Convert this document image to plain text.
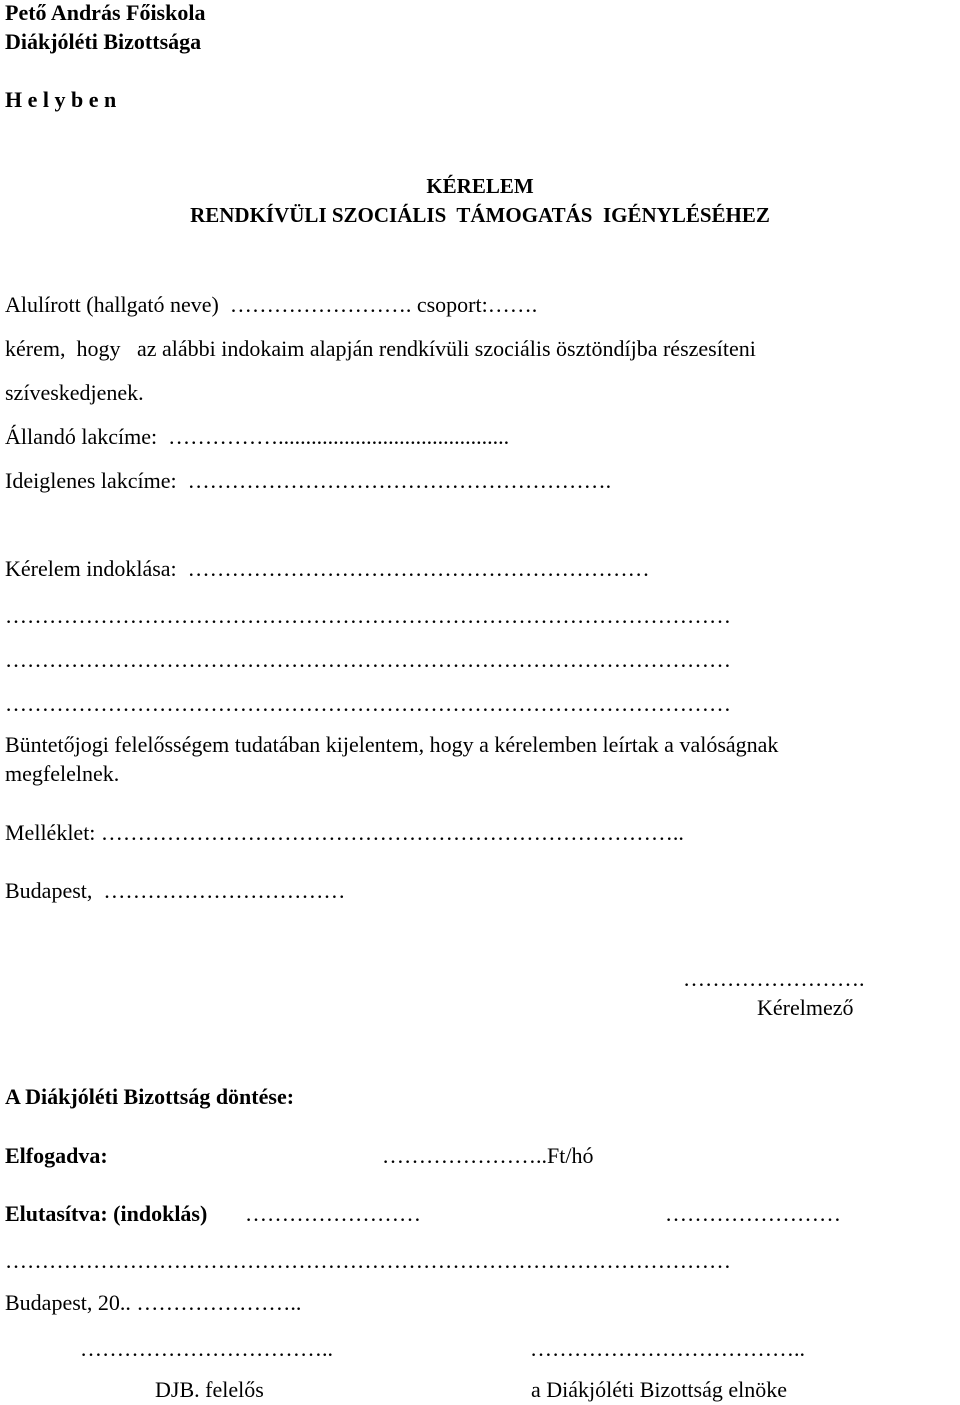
Pető András Főiskola
Diákjóléti Bizottsága
H e l y b e n
KÉRELEM
RENDKÍVÜLI SZOCIÁLIS  TÁMOGATÁS  IGÉNYLÉSÉHEZ
Alulírott (hallgató neve)  ……………………. csoport:…….
kérem,  hogy   az alábbi indokaim alapján rendkívüli szociális ösztöndíjba részesíteni
szíveskedjenek.
Állandó lakcíme:  ……………..........................................
Ideiglenes lakcíme:  ………………………………………………….
Kérelem indoklása:  ………………………………………………………
………………………………………………………………………………………
………………………………………………………………………………………
………………………………………………………………………………………
Büntetőjogi felelősségem tudatában kijelentem, hogy a kérelemben leírtak a valóságnak
megfelelnek.
Melléklet: ……………………………………………………………………..
Budapest,  ……………………………
…………………….
Kérelmező
A Diákjóléti Bizottság döntése:
Elfogadva:	…………………..Ft/hó
Elutasítva: (indoklás) ……………………	……………………
………………………………………………………………………………………
Budapest, 20.. …………………..
……………………………..	………………………………..
DJB. felelős	a Diákjóléti Bizottság elnöke
